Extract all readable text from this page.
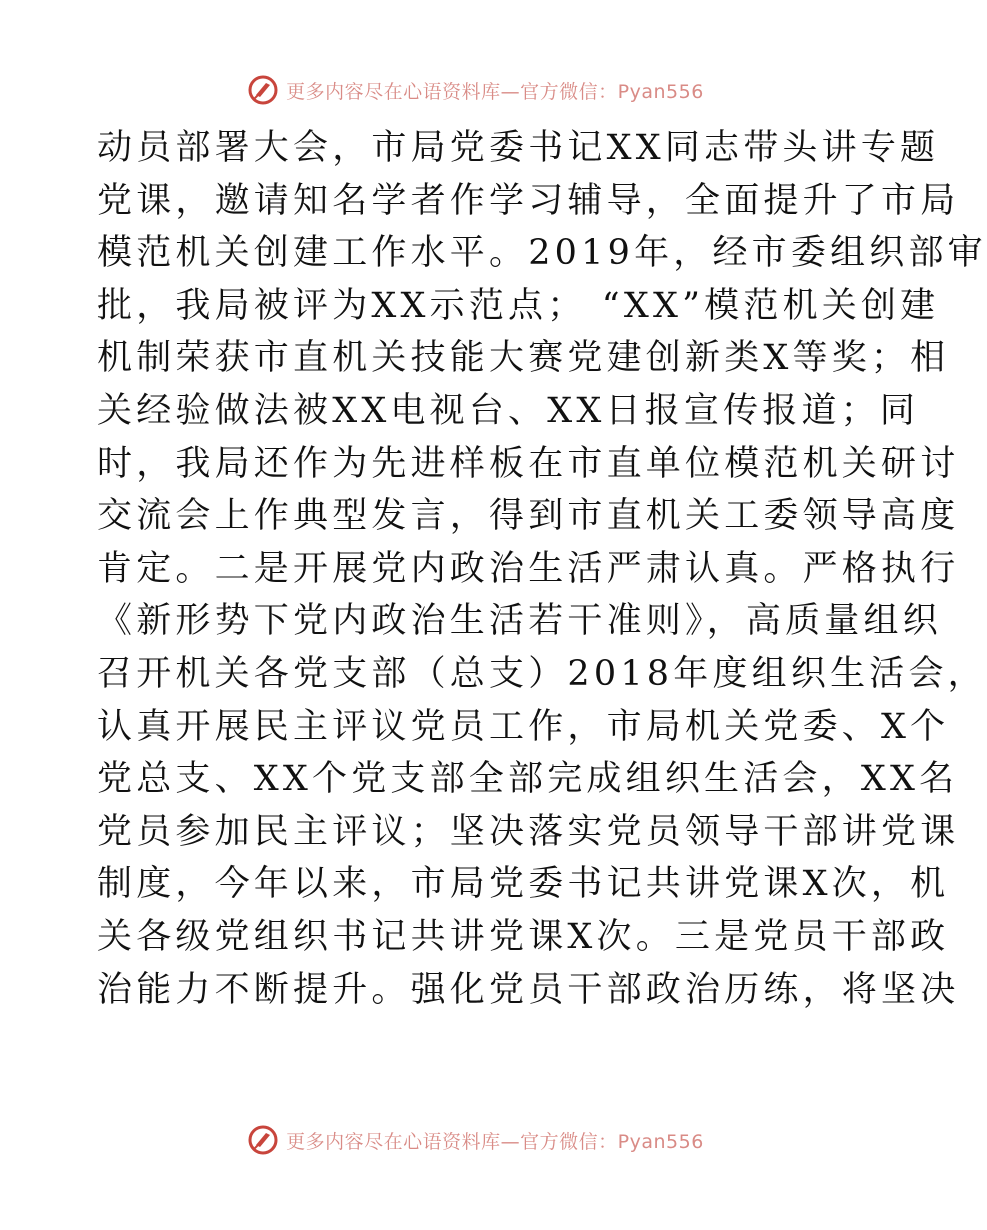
更多内容尽在心语资料库—官方微信：Pyan556
动员部署大会，市局党委书记XX同志带头讲专题
党课，邀请知名学者作学习辅导，全面提升了市局
模范机关创建工作水平。2019年，经市委组织部审
批，我局被评为XX示范点； “XX”模范机关创建
机制荣获市直机关技能大赛党建创新类X等奖；相
关经验做法被XX电视台、XX日报宣传报道；同
时，我局还作为先进样板在市直单位模范机关研讨
交流会上作典型发言，得到市直机关工委领导高度
肯定。二是开展党内政治生活严肃认真。严格执行
《新形势下党内政治生活若干准则》，高质量组织
召开机关各党支部（总支）2018年度组织生活会，
认真开展民主评议党员工作，市局机关党委、X个
党总支、XX个党支部全部完成组织生活会，XX名
党员参加民主评议；坚决落实党员领导干部讲党课
制度，今年以来，市局党委书记共讲党课X次，机
关各级党组织书记共讲党课X次。三是党员干部政
治能力不断提升。强化党员干部政治历练，将坚决
更多内容尽在心语资料库—官方微信：Pyan556
